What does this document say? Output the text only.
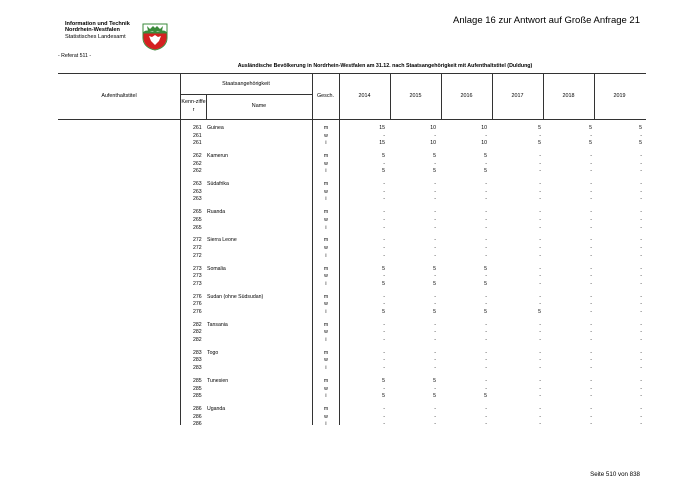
Information und Technik
Nordrhein-Westfalen
Statistisches Landesamt
Anlage 16 zur Antwort auf Große Anfrage 21
- Referat 511 -
Ausländische Bevölkerung in Nordrhein-Westfalen am 31.12. nach Staatsangehörigkeit mit Aufenthaltstitel (Duldung)
Aufenthaltstitel
Staatsangehörigkeit
Kenn-ziffer
Name
Gesch.	2014	2015	2016	2017	2018	2019
261 Guinea	m	15	10	10	5	5	5
261	w	-	-	-	-	-	-
261	i	15	10	10	5	5	5
262 Kamerun	m	5	5	5	-	-	-
262	w	-	-	-	-	-	-
262	i	5	5	5	-	-	-
263 Südafrika	m	-	-	-	-	-	-
263	w	-	-	-	-	-	-
263	i	-	-	-	-	-	-
265 Ruanda	m	-	-	-	-	-	-
265	w	-	-	-	-	-	-
265	i	-	-	-	-	-	-
272 Sierra Leone	m	-	-	-	-	-	-
272	w	-	-	-	-	-	-
272	i	-	-	-	-	-	-
273 Somalia	m	5	5	5	-	-	-
273	w	-	-	-	-	-	-
273	i	5	5	5	-	-	-
276 Sudan (ohne Südsudan)	m	-	-	-	-	-	-
276	w	-	-	-	-	-	-
276	i	5	5	5	5	-	-
282 Tansania	m	-	-	-	-	-	-
282	w	-	-	-	-	-	-
282	i	-	-	-	-	-	-
283 Togo	m	-	-	-	-	-	-
283	w	-	-	-	-	-	-
283	i	-	-	-	-	-	-
285 Tunesien	m	5	5	-	-	-	-
285	w	-	-	-	-	-	-
285	i	5	5	5	-	-	-
286 Uganda	m	-	-	-	-	-	-
286	w	-	-	-	-	-	-
286	i	-	-	-	-	-	-
Seite 510 von 838
